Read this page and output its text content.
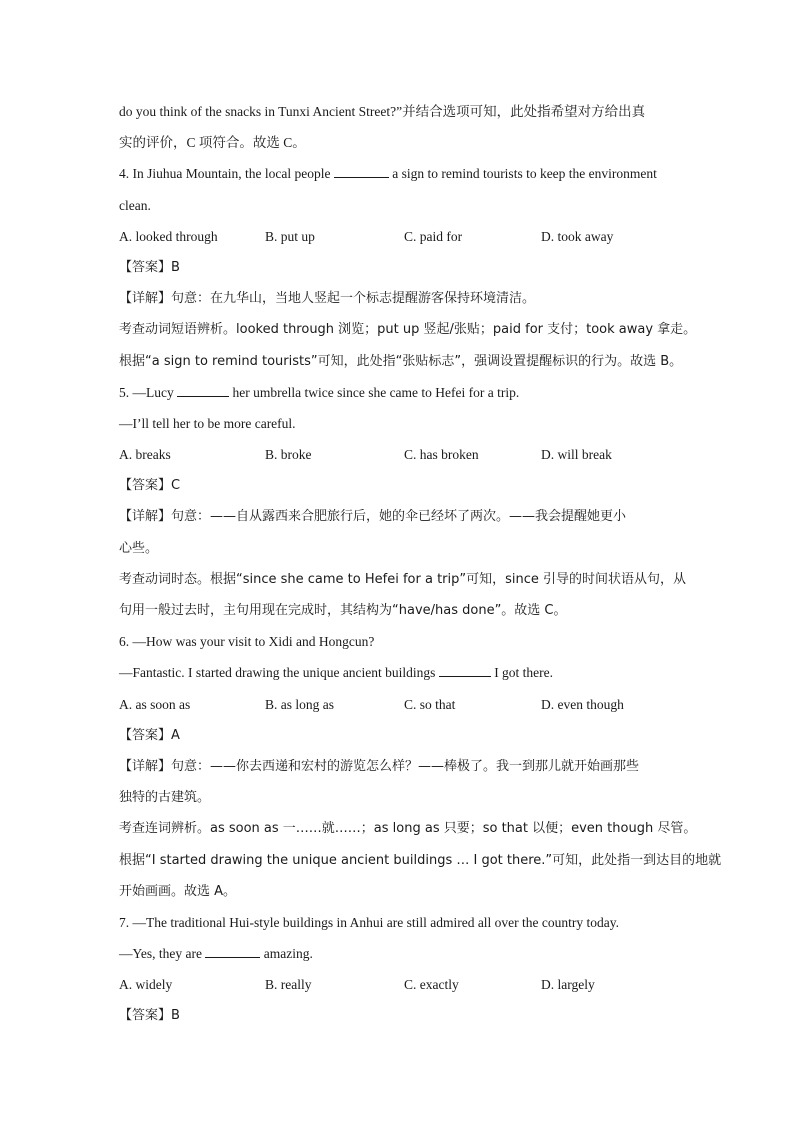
do you think of the snacks in Tunxi Ancient Street?”并结合选项可知，此处指希望对方给出真
实的评价，C 项符合。故选 C。
4. In Jiuhua Mountain, the local people	a sign to remind tourists to keep the environment
clean.
A. looked through	B. put up	C. paid for	D. took away
【答案】B
【详解】句意：在九华山，当地人竖起一个标志提醒游客保持环境清洁。
考查动词短语辨析。looked through 浏览；put up 竖起/张贴；paid for 支付；took away 拿走。
根据“a sign to remind tourists”可知，此处指“张贴标志”，强调设置提醒标识的行为。故选 B。
5. —Lucy	her umbrella twice since she came to Hefei for a trip.
—I’ll tell her to be more careful.
A. breaks	B. broke	C. has broken	D. will break
【答案】C
【详解】句意：——自从露西来合肥旅行后，她的伞已经坏了两次。——我会提醒她更小
心些。
考查动词时态。根据“since she came to Hefei for a trip”可知，since 引导的时间状语从句，从
句用一般过去时，主句用现在完成时，其结构为“have/has done”。故选 C。
6. —How was your visit to Xidi and Hongcun?
—Fantastic. I started drawing the unique ancient buildings	I got there.
A. as soon as	B. as long as	C. so that	D. even though
【答案】A
【详解】句意：——你去西递和宏村的游览怎么样？——棒极了。我一到那儿就开始画那些
独特的古建筑。
考查连词辨析。as soon as 一……就……；as long as 只要；so that 以便；even though 尽管。
根据“I started drawing the unique ancient buildings … I got there.”可知，此处指一到达目的地就
开始画画。故选 A。
7. —The traditional Hui-style buildings in Anhui are still admired all over the country today.
—Yes, they are	amazing.
A. widely	B. really	C. exactly	D. largely
【答案】B
